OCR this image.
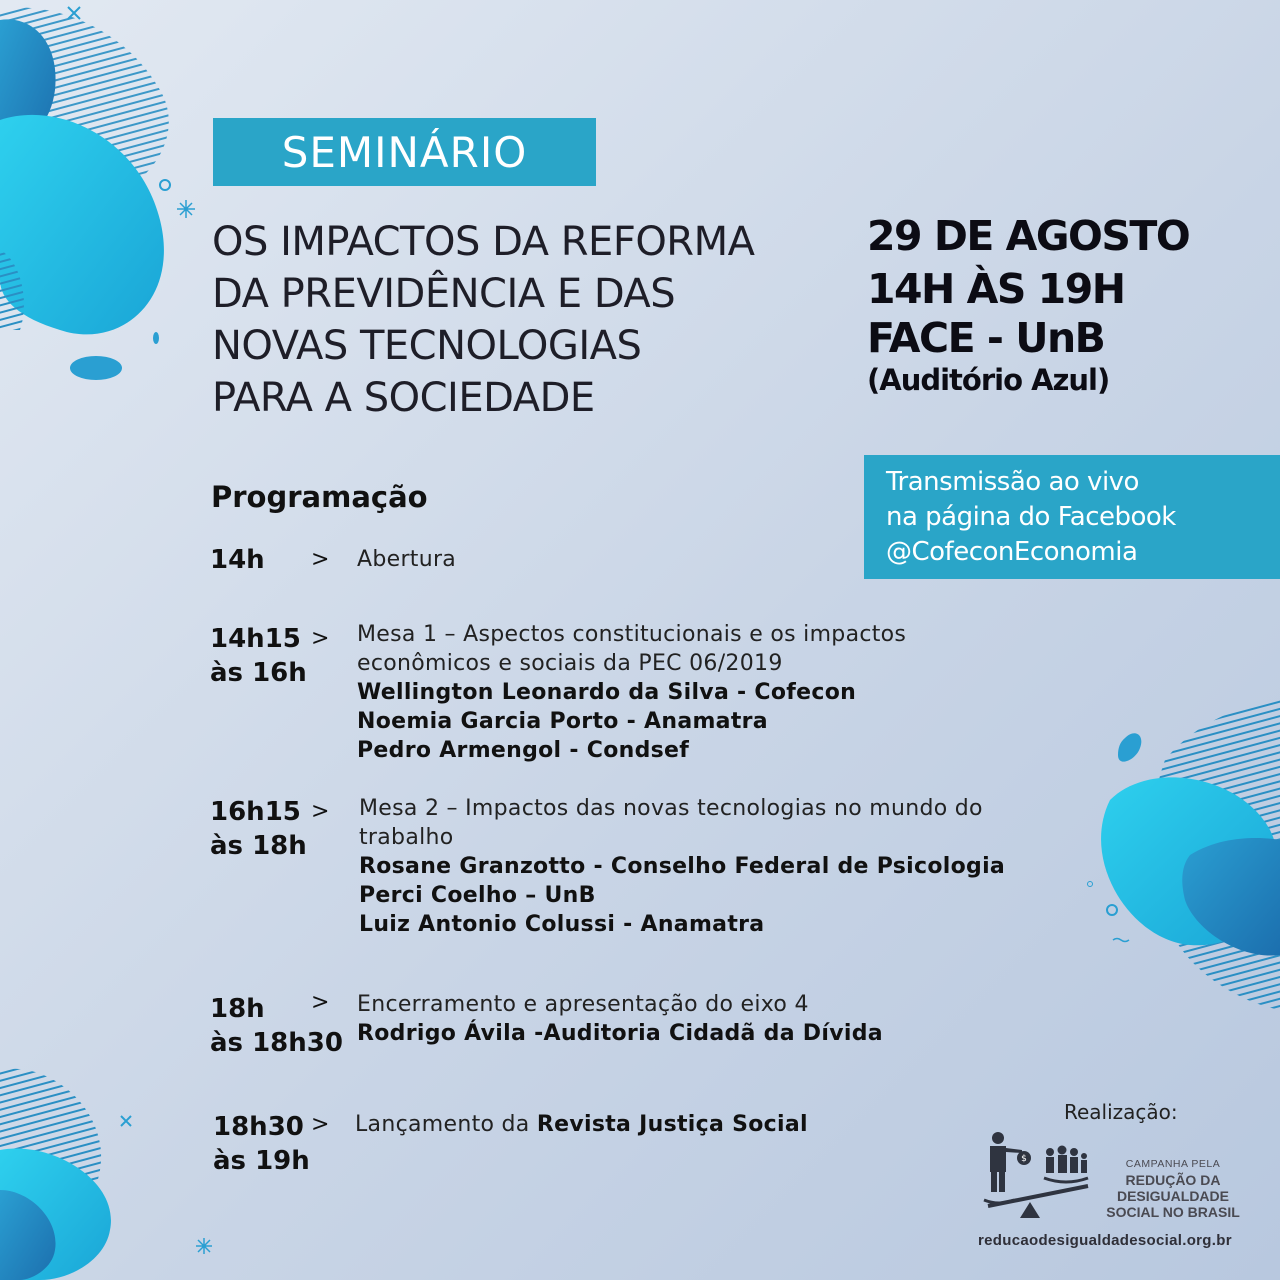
SEMINÁRIO
OS IMPACTOS DA REFORMA
DA PREVIDÊNCIA E DAS
NOVAS TECNOLOGIAS
PARA A SOCIEDADE
29 DE AGOSTO
14H ÀS 19H
FACE - UnB
(Auditório Azul)
Transmissão ao vivo
na página do Facebook
@CofeconEconomia
Programação
14h > Abertura
14h15
às 16h
> Mesa 1 – Aspectos constitucionais e os impactos
econômicos e sociais da PEC 06/2019
Wellington Leonardo da Silva - Cofecon
Noemia Garcia Porto - Anamatra
Pedro Armengol - Condsef
16h15
às 18h
> Mesa 2 – Impactos das novas tecnologias no mundo do
trabalho
Rosane Granzotto - Conselho Federal de Psicologia
Perci Coelho – UnB
Luiz Antonio Colussi - Anamatra
18h
às 18h30
> Encerramento e apresentação do eixo 4
Rodrigo Ávila -Auditoria Cidadã da Dívida
18h30
às 19h
> Lançamento da Revista Justiça Social	Realização:
$	CAMPANHA PELA
REDUÇÃO DA
DESIGUALDADE
SOCIAL NO BRASIL
reducaodesigualdadesocial.org.br
